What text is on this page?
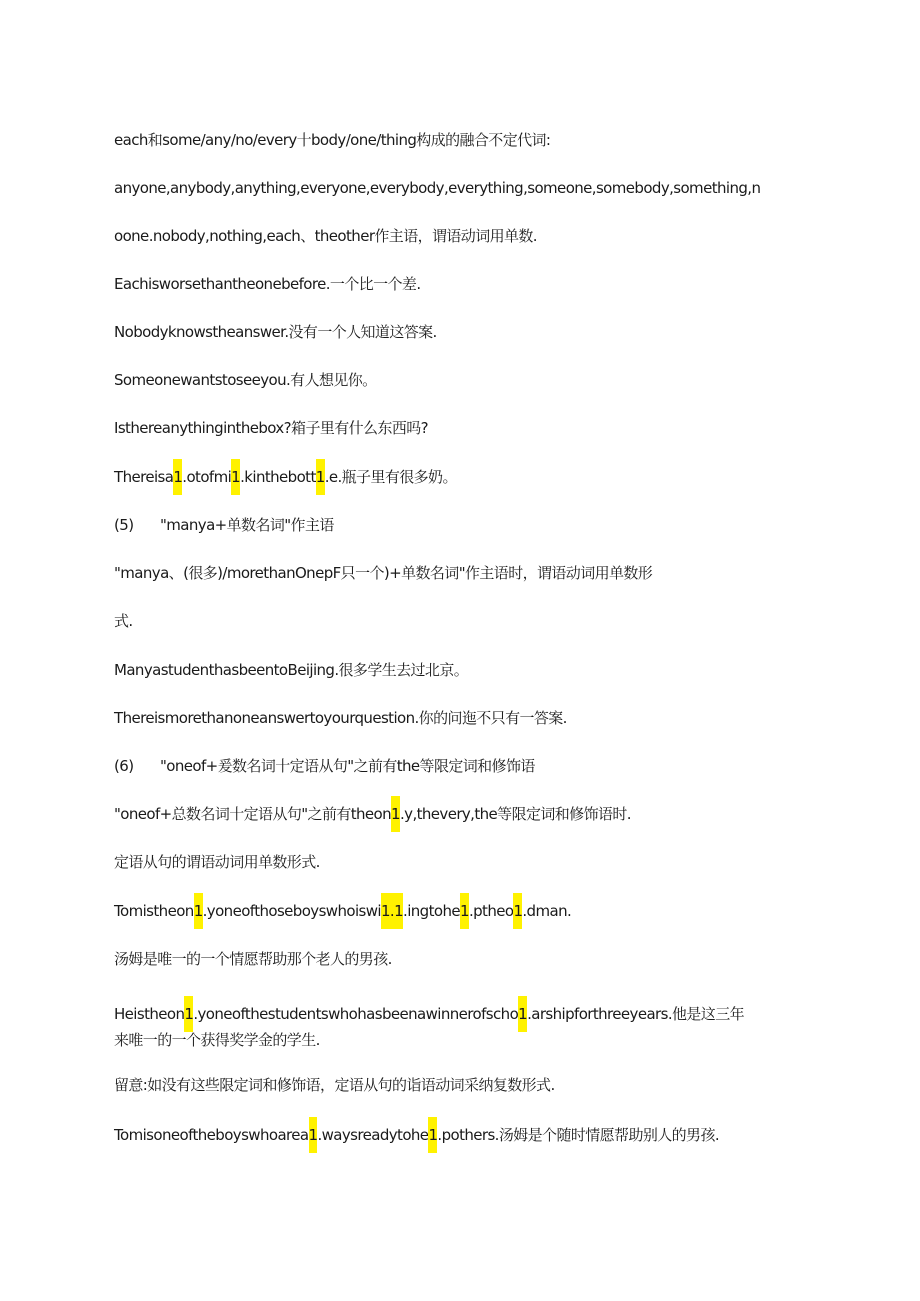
each和some/any/no/every十body/one/thing构成的融合不定代词:
anyone,anybody,anything,everyone,everybody,everything,someone,somebody,something,n
oone.nobody,nothing,each、theother作主语，谓语动词用单数.
Eachisworsethantheonebefore.一个比一个差.
Nobodyknowstheanswer.没有一个人知道这答案.
Someonewantstoseeyou.有人想见你。
Isthereanythinginthebox?箱子里有什么东西吗?
Thereisa1.otofmi1.kinthebott1.e.瓶子里有很多奶。
(5) "manya+单数名词"作主语
"manya、(很多)/morethanOnepF只一个)+单数名词"作主语时，谓语动词用单数形
式.
ManyastudenthasbeentoBeijing.很多学生去过北京。
Thereismorethanoneanswertoyourquestion.你的问迤不只有一答案.
(6) "oneof+爰数名词十定语从句"之前有the等限定词和修饰语
"oneof+总数名词十定语从句"之前有theon1.y,thevery,the等限定词和修饰语时.
定语从句的谓语动词用单数形式.
Tomistheon1.yoneofthoseboyswhoiswi1.1.ingtohe1.ptheo1.dman.
汤姆是唯一的一个情愿帮助那个老人的男孩.
Heistheon1.yoneofthestudentswhohasbeenawinnerofscho1.arshipforthreeyears.他是这三年
来唯一的一个获得奖学金的学生.
留意:如没有这些限定词和修饰语，定语从句的诣语动词采纳复数形式.
Tomisoneoftheboyswhoarea1.waysreadytohe1.pothers.汤姆是个随时情愿帮助别人的男孩.
